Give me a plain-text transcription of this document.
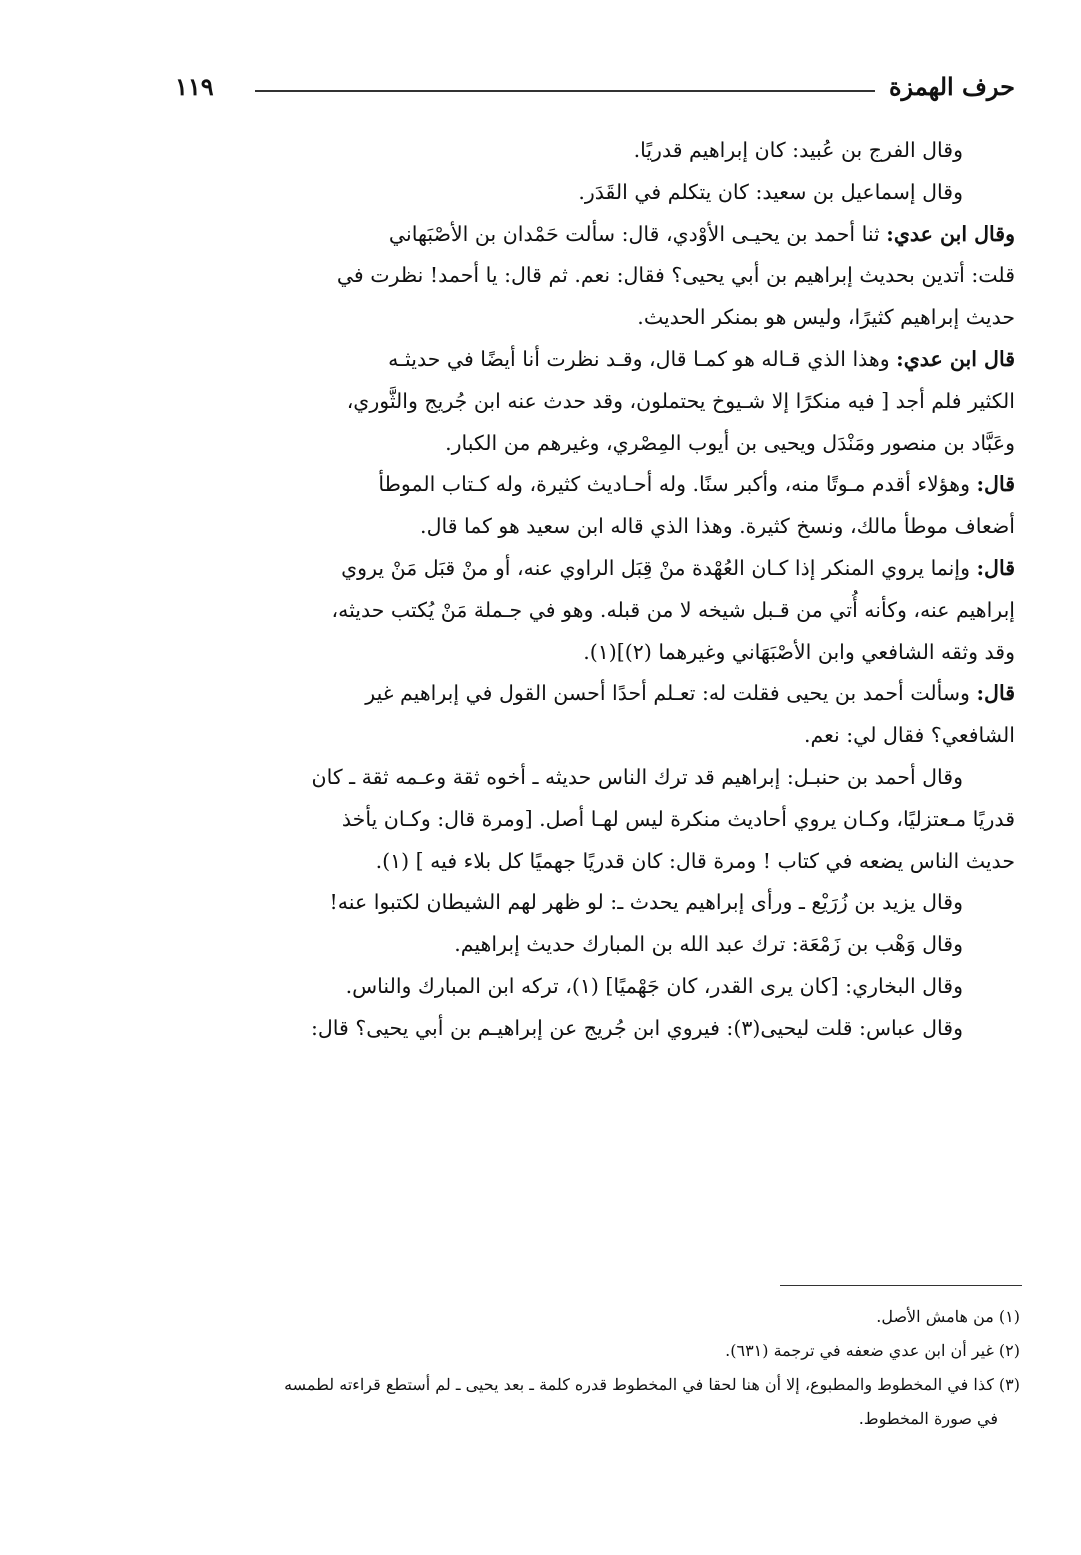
١١٩	حرف الهمزة
وقال الفرج بن عُبيد: كان إبراهيم قدريًا.
وقال إسماعيل بن سعيد: كان يتكلم في القَدَر.
وقال ابن عدي: ثنا أحمد بن يحيـى الأوْدي، قال: سألت حَمْدان بن الأصْبَهاني
قلت: أتدين بحديث إبراهيم بن أبي يحيى؟ فقال: نعم. ثم قال: يا أحمد! نظرت في
حديث إبراهيم كثيرًا، وليس هو بمنكر الحديث.
قال ابن عدي: وهذا الذي قـاله هو كمـا قال، وقـد نظرت أنا أيضًا في حديثـه
الكثير فلم أجد [ فيه منكرًا إلا شـيوخ يحتملون، وقد حدث عنه ابن جُريج والثَّوري،
وعَبَّاد بن منصور ومَنْدَل ويحيى بن أيوب المِصْري، وغيرهم من الكبار.
قال: وهؤلاء أقدم مـوتًا منه، وأكبر سنًا. وله أحـاديث كثيرة، وله كـتاب الموطأ
أضعاف موطأ مالك، ونسخ كثيرة. وهذا الذي قاله ابن سعيد هو كما قال.
قال: وإنما يروي المنكر إذا كـان العُهْدة منْ قِبَل الراوي عنه، أو منْ قبَل مَنْ يروي
إبراهيم عنه، وكأنه أُتي من قـبل شيخه لا من قبله. وهو في جـملة مَنْ يُكتب حديثه،
وقد وثقه الشافعي وابن الأصْبَهَاني وغيرهما (٢)](١).
قال: وسألت أحمد بن يحيى فقلت له: تعـلم أحدًا أحسن القول في إبراهيم غير
الشافعي؟ فقال لي: نعم.
وقال أحمد بن حنبـل: إبراهيم قد ترك الناس حديثه ـ أخوه ثقة وعـمه ثقة ـ كان
قدريًا مـعتزليًا، وكـان يروي أحاديث منكرة ليس لهـا أصل. [ومرة قال: وكـان يأخذ
حديث الناس يضعه في كتاب ! ومرة قال: كان قدريًا جهميًا كل بلاء فيه ] (١).
وقال يزيد بن زُرَيْع ـ ورأى إبراهيم يحدث ـ: لو ظهر لهم الشيطان لكتبوا عنه!
وقال وَهْب بن زَمْعَة: ترك عبد الله بن المبارك حديث إبراهيم.
وقال البخاري: [كان يرى القدر، كان جَهْميًا] (١)، تركه ابن المبارك والناس.
وقال عباس: قلت ليحيى(٣): فيروي ابن جُريج عن إبراهيـم بن أبي يحيى؟ قال:
(١) من هامش الأصل.
(٢) غير أن ابن عدي ضعفه في ترجمة (٦٣١).
(٣) كذا في المخطوط والمطبوع، إلا أن هنا لحقا في المخطوط قدره كلمة ـ بعد يحيى ـ لم أستطع قراءته لطمسه
في صورة المخطوط.
